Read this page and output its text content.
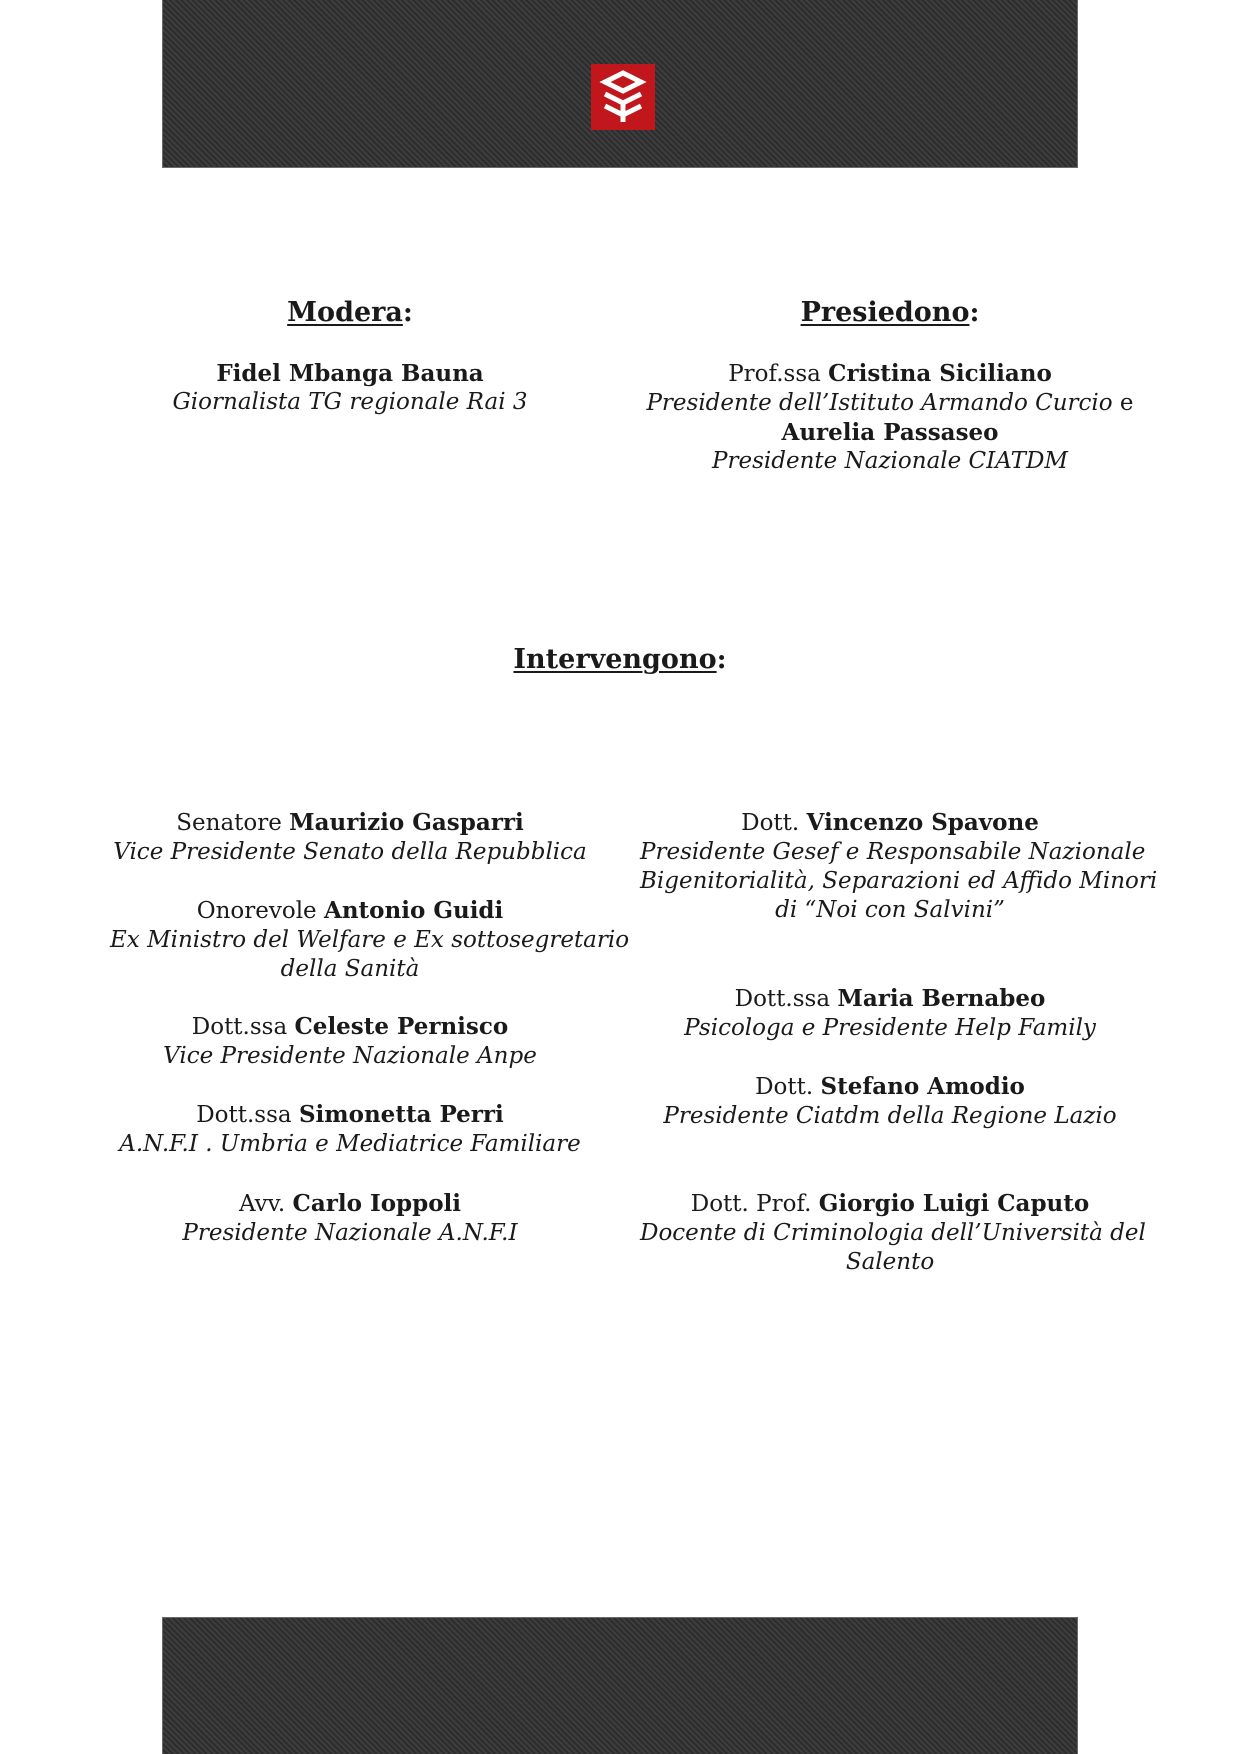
Modera:
Fidel Mbanga Bauna
Giornalista TG regionale Rai 3
Presiedono:
Prof.ssa Cristina Siciliano
Presidente dell’Istituto Armando Curcio e
Aurelia Passaseo
Presidente Nazionale CIATDM
Intervengono:
Senatore Maurizio Gasparri
Vice Presidente Senato della Repubblica
Onorevole Antonio Guidi
Ex Ministro del Welfare e Ex sottosegretario
della Sanità
Dott.ssa Celeste Pernisco
Vice Presidente Nazionale Anpe
Dott.ssa Simonetta Perri
A.N.F.I . Umbria e Mediatrice Familiare
Avv. Carlo Ioppoli
Presidente Nazionale A.N.F.I
Dott. Vincenzo Spavone
Presidente Gesef e Responsabile Nazionale
Bigenitorialità, Separazioni ed Affido Minori
di “Noi con Salvini”
Dott.ssa Maria Bernabeo
Psicologa e Presidente Help Family
Dott. Stefano Amodio
Presidente Ciatdm della Regione Lazio
Dott. Prof. Giorgio Luigi Caputo
Docente di Criminologia dell’Università del
Salento
